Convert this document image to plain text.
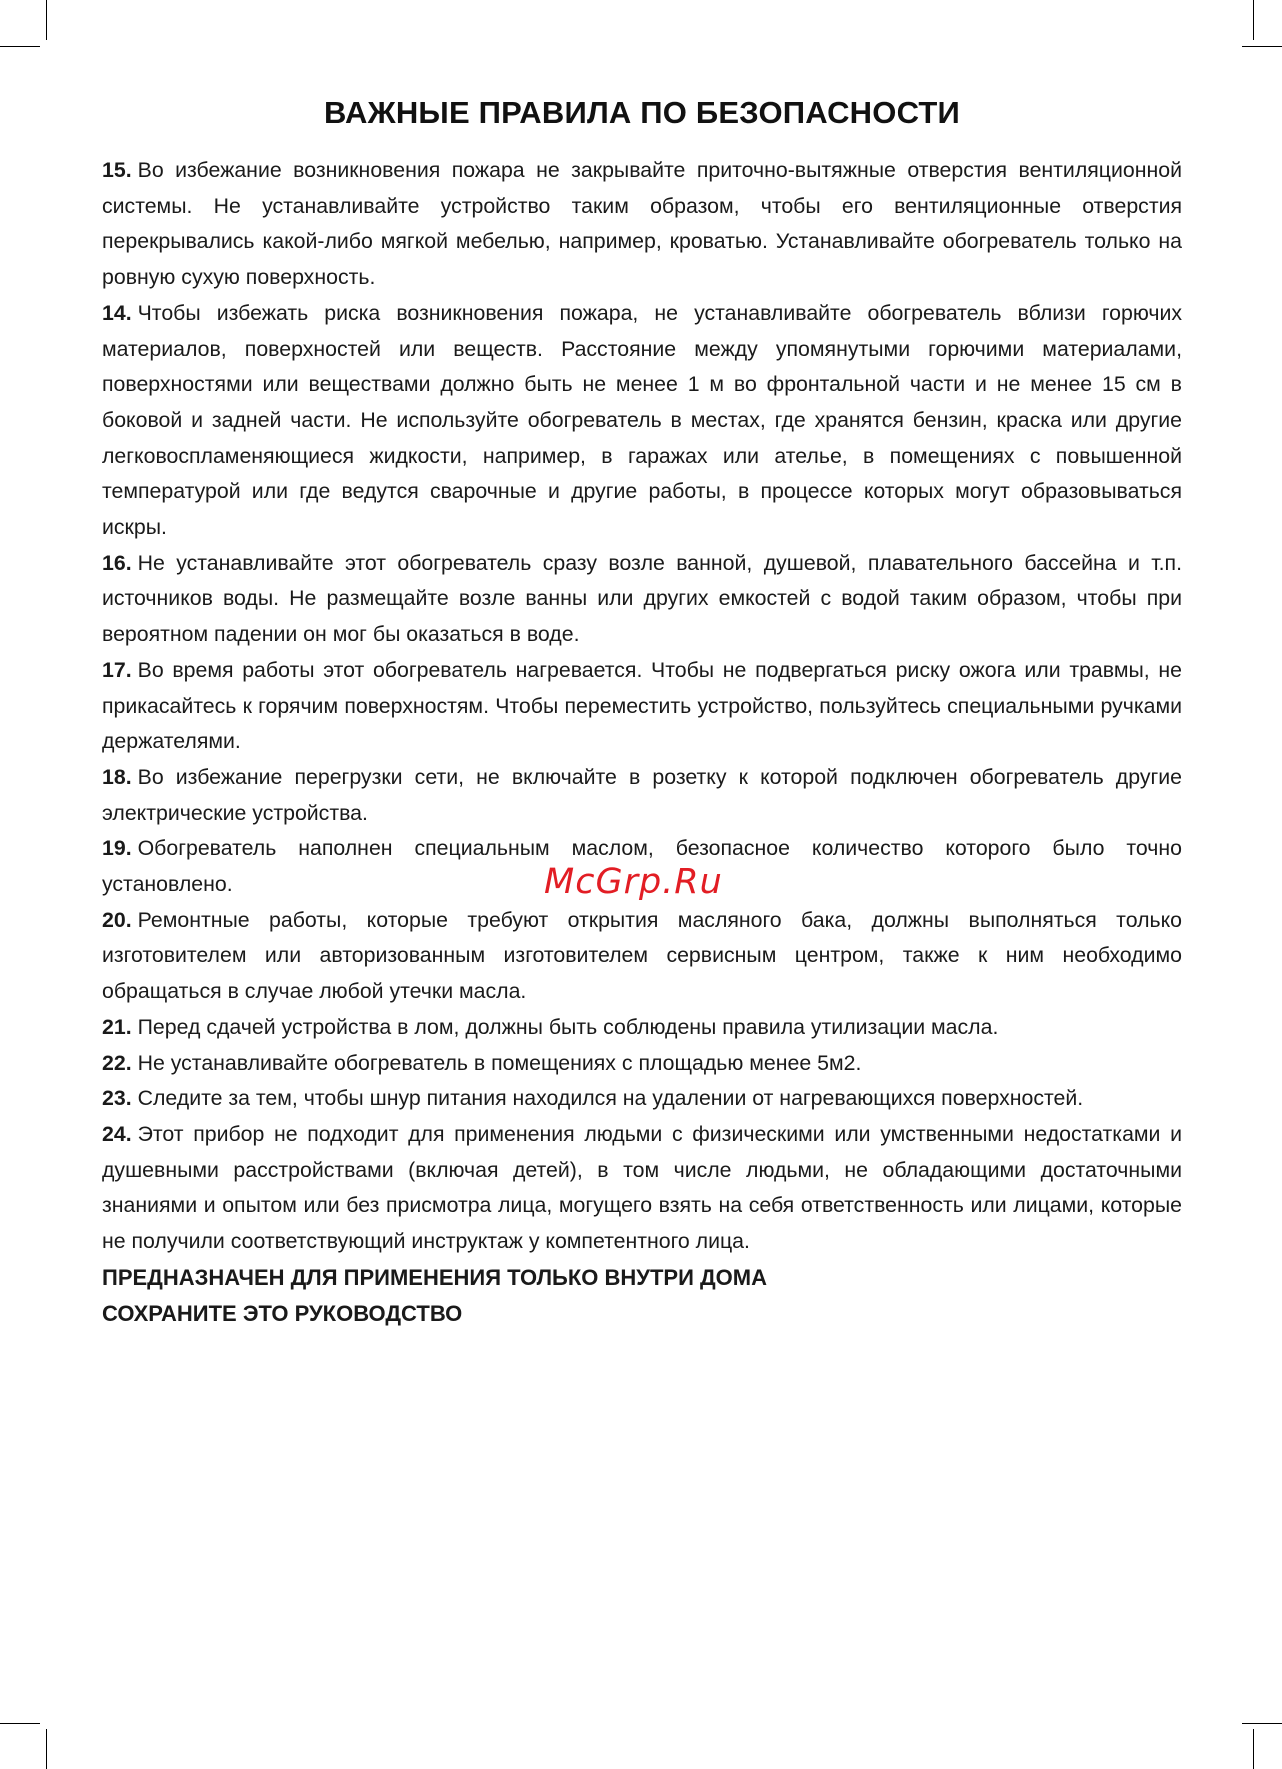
ВАЖНЫЕ ПРАВИЛА ПО БЕЗОПАСНОСТИ

15. Во избежание возникновения пожара не закрывайте приточно-вытяжные отверстия вентиляционной системы. Не устанавливайте устройство таким образом, чтобы его вентиляционные отверстия перекрывались какой-либо мягкой мебелью, например, кроватью. Устанавливайте обогреватель только на ровную сухую поверхность.

14. Чтобы избежать риска возникновения пожара, не устанавливайте обогреватель вблизи горючих материалов, поверхностей или веществ. Расстояние между упомянутыми горючими материалами, поверхностями или веществами должно быть не менее 1 м во фронтальной части и не менее 15 см в боковой и задней части. Не используйте обогреватель в местах, где хранятся бензин, краска или другие легковоспламеняющиеся жидкости, например, в гаражах или ателье, в помещениях с повышенной температурой или где ведутся сварочные и другие работы, в процессе которых могут образовываться искры.

16. Не устанавливайте этот обогреватель сразу возле ванной, душевой, плавательного бассейна и т.п. источников воды. Не размещайте возле ванны или других емкостей с водой таким образом, чтобы при вероятном падении он мог бы оказаться в воде.

17. Во время работы этот обогреватель нагревается. Чтобы не подвергаться риску ожога или травмы, не прикасайтесь к горячим поверхностям. Чтобы переместить устройство, пользуйтесь специальными ручками держателями.

18. Во избежание перегрузки сети, не включайте в розетку к которой подключен обогреватель другие электрические устройства.

19. Обогреватель наполнен специальным маслом, безопасное количество которого было точно установлено.

20. Ремонтные работы, которые требуют открытия масляного бака, должны выполняться только изготовителем или авторизованным изготовителем сервисным центром, также к ним необходимо обращаться в случае любой утечки масла.

21. Перед сдачей устройства в лом, должны быть соблюдены правила утилизации масла.

22. Не устанавливайте обогреватель в помещениях с площадью менее 5м2.

23. Следите за тем, чтобы шнур питания находился на удалении от нагревающихся поверхностей.

24. Этот прибор не подходит для применения людьми с физическими или умственными недостатками и душевными расстройствами (включая детей), в том числе людьми, не обладающими достаточными знаниями и опытом или без присмотра лица, могущего взять на себя ответственность или лицами, которые не получили соответствующий инструктаж у компетентного лица.

ПРЕДНАЗНАЧЕН ДЛЯ ПРИМЕНЕНИЯ ТОЛЬКО ВНУТРИ ДОМА

СОХРАНИТЕ ЭТО РУКОВОДСТВО

McGrp.Ru
